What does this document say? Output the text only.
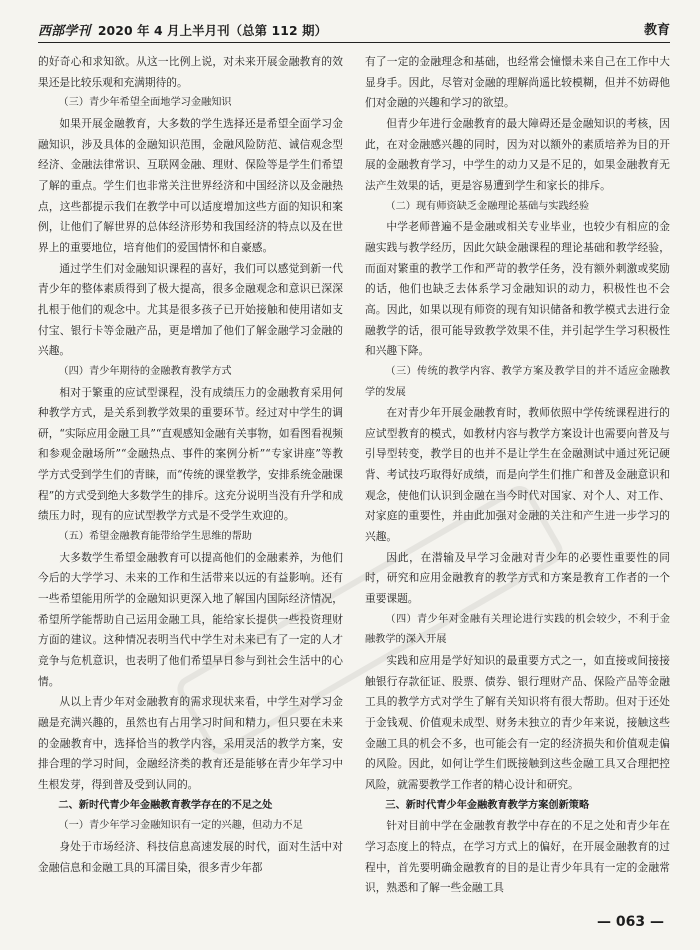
西部学刊 2020 年 4 月上半月刊（总第 112 期）	教育

的好奇心和求知欲。从这一比例上说，对未来开展金融教育的效果还是比较乐观和充满期待的。

（三）青少年希望全面地学习金融知识

如果开展金融教育，大多数的学生选择还是希望全面学习金融知识，涉及具体的金融知识范围，金融风险防范、诚信观念型经济、金融法律常识、互联网金融、理财、保险等是学生们希望了解的重点。学生们也非常关注世界经济和中国经济以及金融热点，这些都提示我们在教学中可以适度增加这些方面的知识和案例，让他们了解世界的总体经济形势和我国经济的特点以及在世界上的重要地位，培育他们的爱国情怀和自豪感。

通过学生们对金融知识课程的喜好，我们可以感觉到新一代青少年的整体素质得到了极大提高，很多金融观念和意识已深深扎根于他们的观念中。尤其是很多孩子已开始接触和使用诸如支付宝、银行卡等金融产品，更是增加了他们了解金融学习金融的兴趣。

（四）青少年期待的金融教育教学方式

相对于繁重的应试型课程，没有成绩压力的金融教育采用何种教学方式，是关系到教学效果的重要环节。经过对中学生的调研，“实际应用金融工具”“直观感知金融有关事物，如看图看视频和参观金融场所”“金融热点、事件的案例分析”“专家讲座”等教学方式受到学生们的青睐，而“传统的课堂教学，安排系统金融课程”的方式受到绝大多数学生的排斥。这充分说明当没有升学和成绩压力时，现有的应试型教学方式是不受学生欢迎的。

（五）希望金融教育能带给学生思维的帮助

大多数学生希望金融教育可以提高他们的金融素养，为他们今后的大学学习、未来的工作和生活带来以远的有益影响。还有一些希望能用所学的金融知识更深入地了解国内国际经济情况，希望所学能帮助自己运用金融工具，能给家长提供一些投资理财方面的建议。这种情况表明当代中学生对未来已有了一定的人才竞争与危机意识，也表明了他们希望早日参与到社会生活中的心情。

从以上青少年对金融教育的需求现状来看，中学生对学习金融是充满兴趣的，虽然也有占用学习时间和精力，但只要在未来的金融教育中，选择恰当的教学内容，采用灵活的教学方案，安排合理的学习时间，金融经济类的教育还是能够在青少年学习中生根发芽，得到普及受到认同的。

二、新时代青少年金融教育教学存在的不足之处

（一）青少年学习金融知识有一定的兴趣，但动力不足

身处于市场经济、科技信息高速发展的时代，面对生活中对金融信息和金融工具的耳濡目染，很多青少年都

有了一定的金融理念和基础，也经常会憧憬未来自己在工作中大显身手。因此，尽管对金融的理解尚遥比较模糊，但并不妨碍他们对金融的兴趣和学习的欲望。

但青少年进行金融教育的最大障碍还是金融知识的考核，因此，在对金融感兴趣的同时，因为对以额外的素质培养为目的开展的金融教育学习，中学生的动力又是不足的，如果金融教育无法产生效果的话，更是容易遭到学生和家长的排斥。

（二）现有师资缺乏金融理论基础与实践经验

中学老师普遍不是金融或相关专业毕业，也较少有相应的金融实践与教学经历，因此欠缺金融课程的理论基础和教学经验，而面对繁重的教学工作和严苛的教学任务，没有额外刺激或奖励的话，他们也缺乏去体系学习金融知识的动力，积极性也不会高。因此，如果以现有师资的现有知识储备和教学模式去进行金融教学的话，很可能导致教学效果不佳，并引起学生学习积极性和兴趣下降。

（三）传统的教学内容、教学方案及教学目的并不适应金融教学的发展

在对青少年开展金融教育时，教师依照中学传统课程进行的应试型教育的模式，如教材内容与教学方案设计也需要向普及与引导型转变，教学目的也并不是让学生在金融测试中通过死记硬背、考试技巧取得好成绩，而是向学生们推广和普及金融意识和观念，使他们认识到金融在当今时代对国家、对个人、对工作、对家庭的重要性，并由此加强对金融的关注和产生进一步学习的兴趣。

因此，在潜输及早学习金融对青少年的必要性重要性的同时，研究和应用金融教育的教学方式和方案是教育工作者的一个重要课题。

（四）青少年对金融有关理论进行实践的机会较少，不利于金融教学的深入开展

实践和应用是学好知识的最重要方式之一，如直接或间接接触银行存款征证、股票、债券、银行理财产品、保险产品等金融工具的教学方式对学生了解有关知识将有很大帮助。但对于还处于金钱观、价值观未成型、财务未独立的青少年来说，接触这些金融工具的机会不多，也可能会有一定的经济损失和价值观走偏的风险。因此，如何让学生们既接触到这些金融工具又合理把控风险，就需要教学工作者的精心设计和研究。

三、新时代青少年金融教育教学方案创新策略

针对目前中学在金融教育教学中存在的不足之处和青少年在学习态度上的特点，在学习方式上的偏好，在开展金融教育的过程中，首先要明确金融教育的目的是让青少年具有一定的金融常识，熟悉和了解一些金融工具

— 063 —
